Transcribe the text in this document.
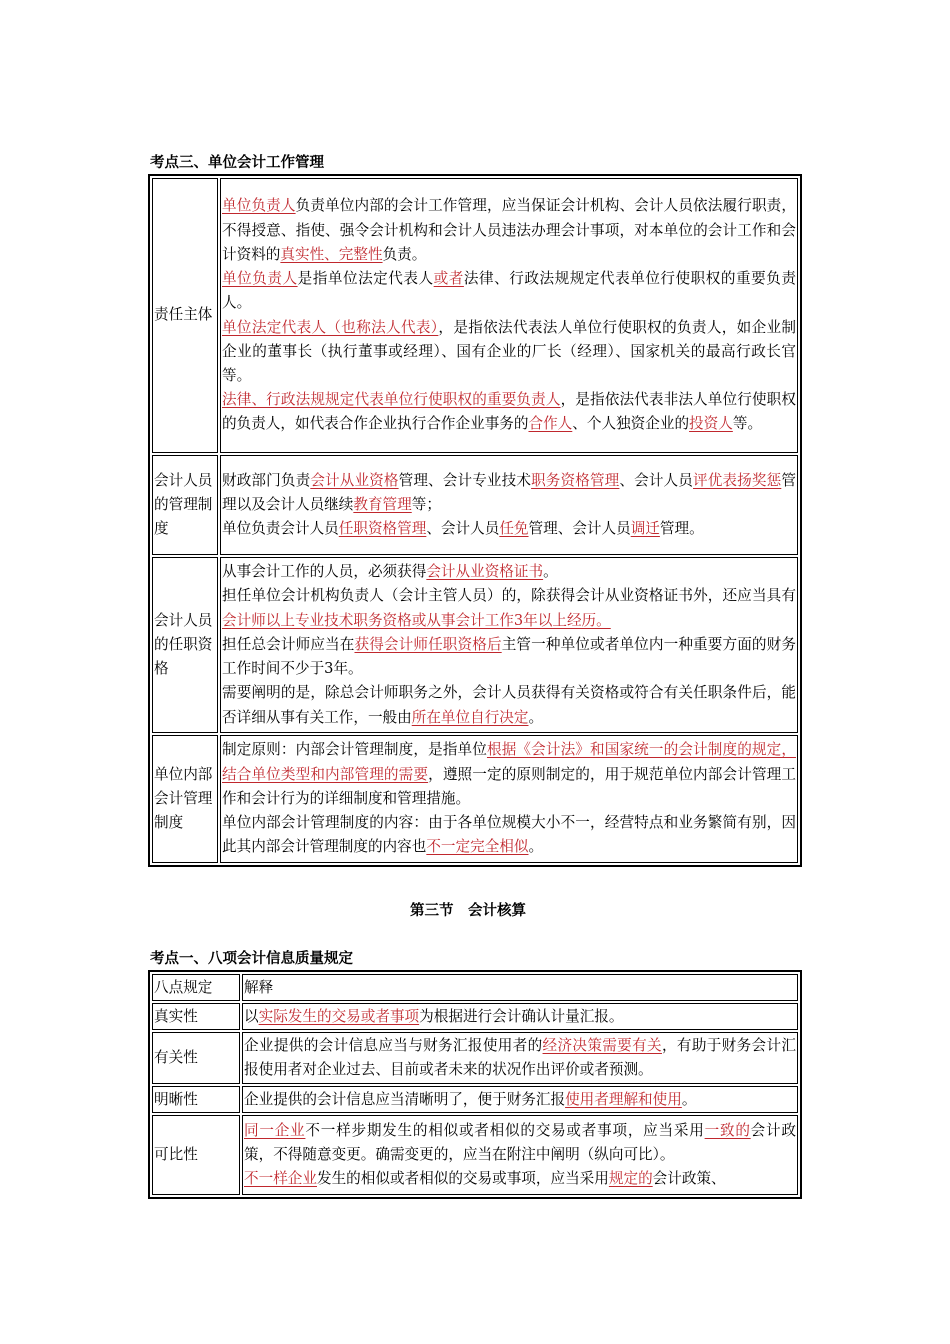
考点三、单位会计工作管理
责任主体	单位负责人负责单位内部的会计工作管理，应当保证会计机构、会计人员依法履行职责，不得授意、指使、强令会计机构和会计人员违法办理会计事项，对本单位的会计工作和会计资料的真实性、完整性负责。
单位负责人是指单位法定代表人或者法律、行政法规规定代表单位行使职权的重要负责人。
单位法定代表人（也称法人代表），是指依法代表法人单位行使职权的负责人，如企业制企业的董事长（执行董事或经理）、国有企业的厂长（经理）、国家机关的最高行政长官等。
法律、行政法规规定代表单位行使职权的重要负责人，是指依法代表非法人单位行使职权的负责人，如代表合作企业执行合作企业事务的合作人、个人独资企业的投资人等。

会计人员的管理制度	财政部门负责会计从业资格管理、会计专业技术职务资格管理、会计人员评优表扬奖惩管理以及会计人员继续教育管理等；
单位负责会计人员任职资格管理、会计人员任免管理、会计人员调迁管理。

会计人员的任职资格	从事会计工作的人员，必须获得会计从业资格证书。
担任单位会计机构负责人（会计主管人员）的，除获得会计从业资格证书外，还应当具有会计师以上专业技术职务资格或从事会计工作3年以上经历。
担任总会计师应当在获得会计师任职资格后主管一种单位或者单位内一种重要方面的财务工作时间不少于3年。
需要阐明的是，除总会计师职务之外，会计人员获得有关资格或符合有关任职条件后，能否详细从事有关工作，一般由所在单位自行决定。

单位内部会计管理制度	制定原则：内部会计管理制度，是指单位根据《会计法》和国家统一的会计制度的规定，结合单位类型和内部管理的需要，遵照一定的原则制定的，用于规范单位内部会计管理工作和会计行为的详细制度和管理措施。
单位内部会计管理制度的内容：由于各单位规模大小不一，经营特点和业务繁简有别，因此其内部会计管理制度的内容也不一定完全相似。
第三节　会计核算
考点一、八项会计信息质量规定
八点规定	解释

真实性	以实际发生的交易或者事项为根据进行会计确认计量汇报。

有关性	企业提供的会计信息应当与财务汇报使用者的经济决策需要有关，有助于财务会计汇报使用者对企业过去、目前或者未来的状况作出评价或者预测。

明晰性	企业提供的会计信息应当清晰明了，便于财务汇报使用者理解和使用。

可比性	同一企业不一样步期发生的相似或者相似的交易或者事项，应当采用一致的会计政策，不得随意变更。确需变更的，应当在附注中阐明（纵向可比）。
不一样企业发生的相似或者相似的交易或事项，应当采用规定的会计政策、
